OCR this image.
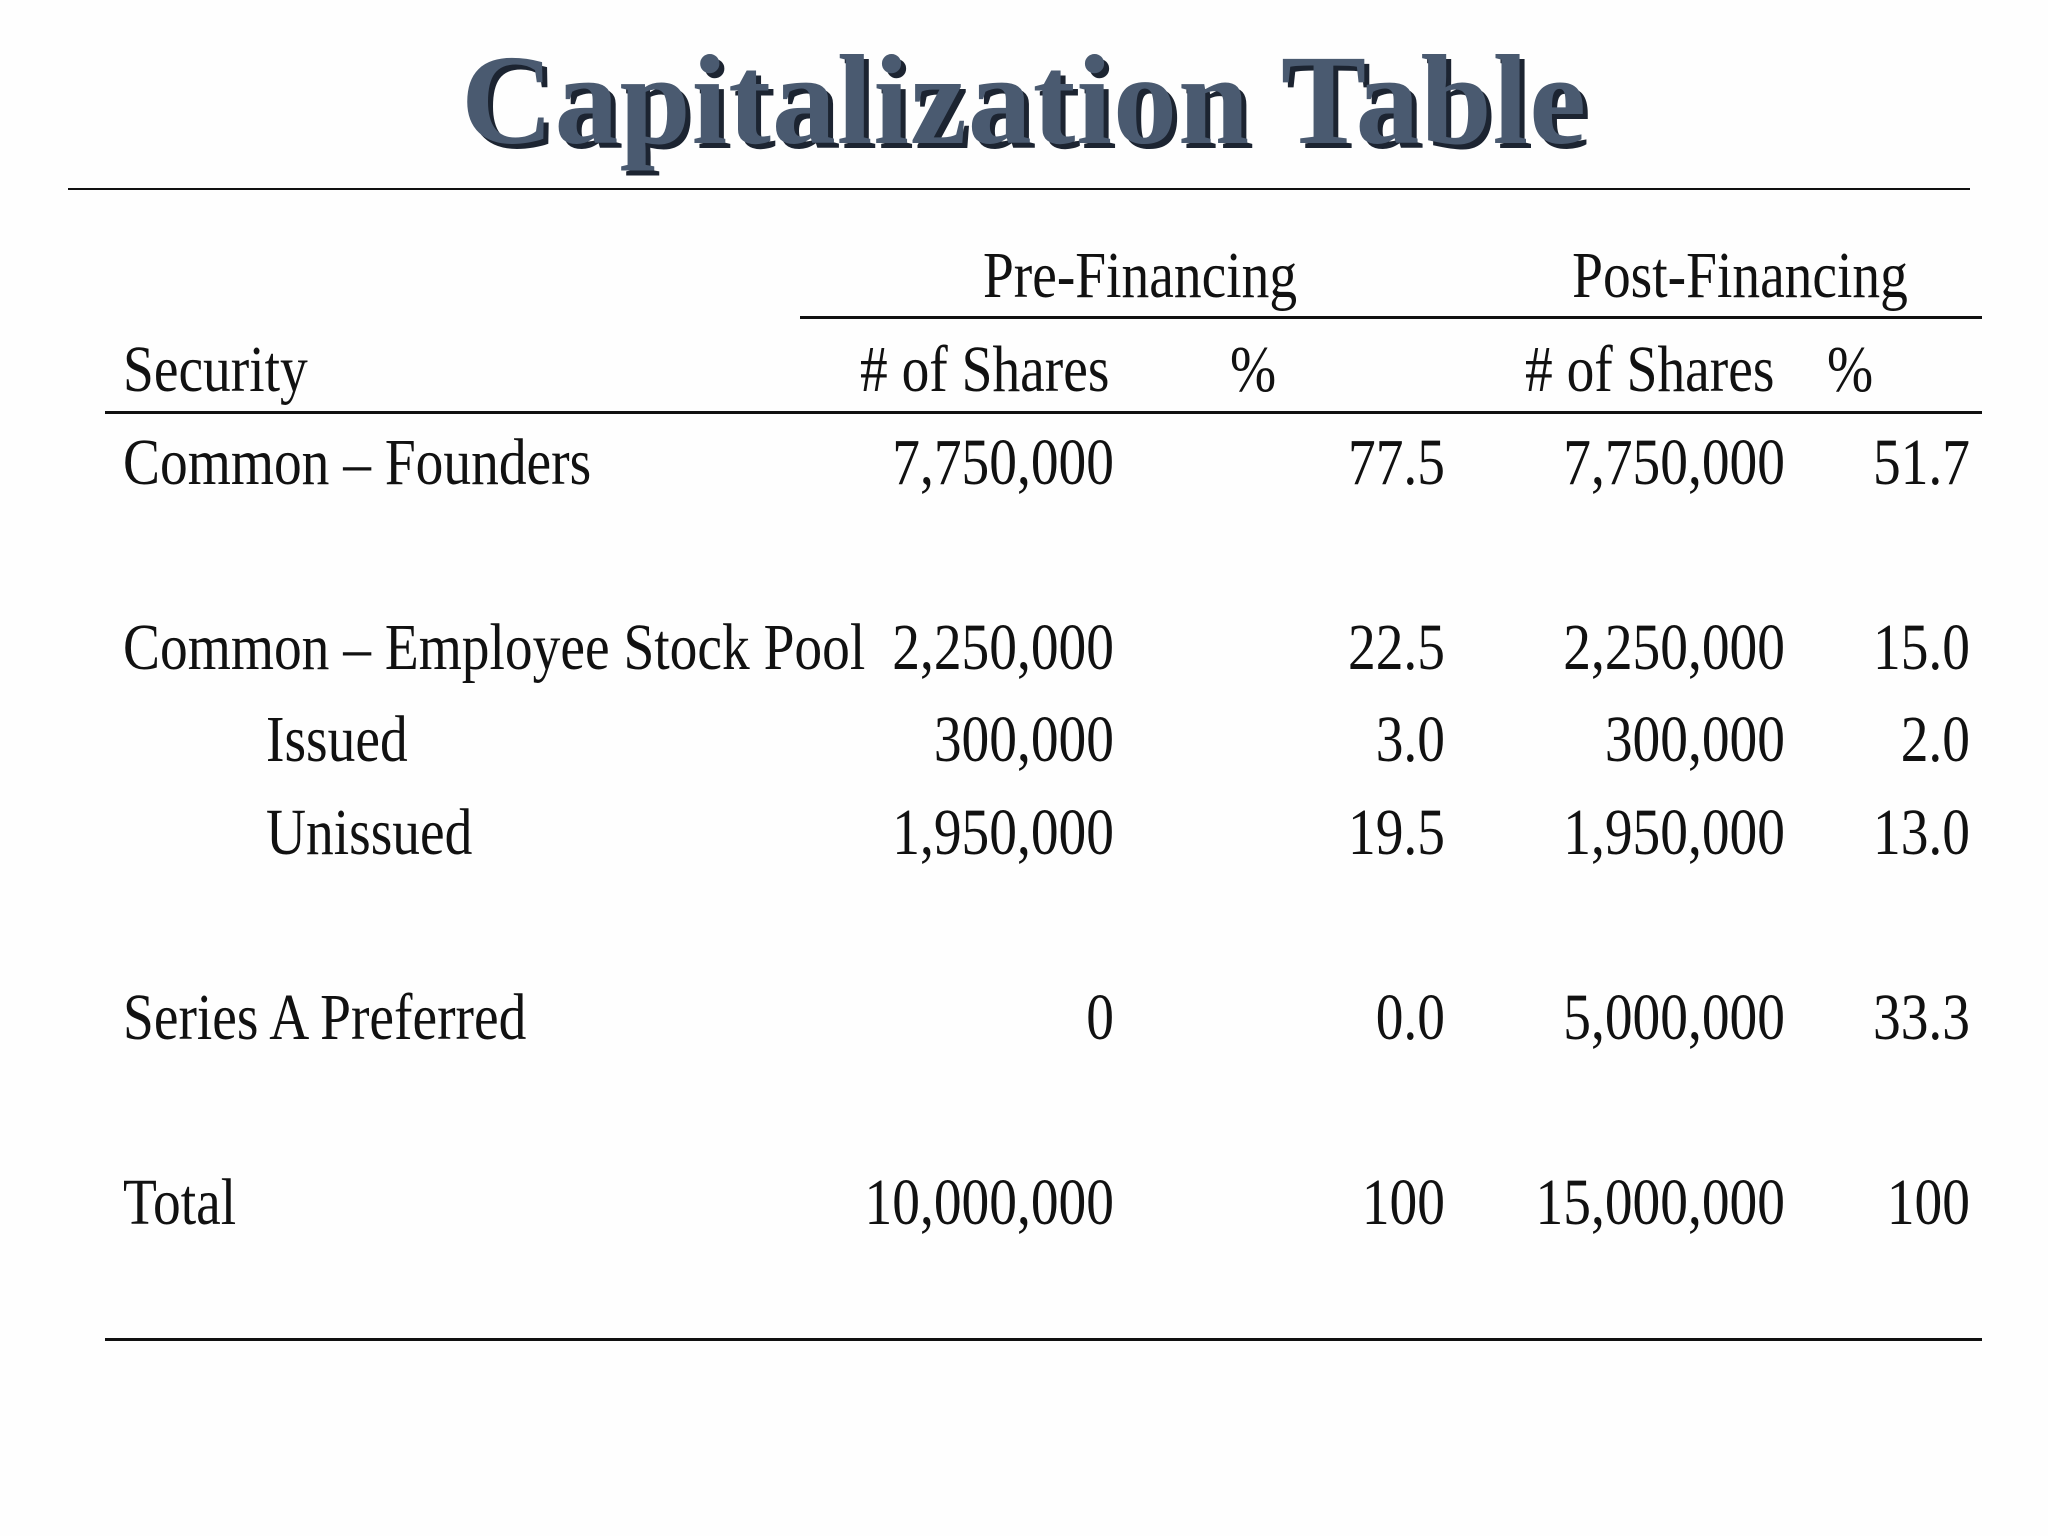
Capitalization Table
Pre-Financing	Post-Financing
Security	# of Shares %	# of Shares %
Common – Founders	7,750,000	77.5	7,750,000	51.7
Common – Employee Stock Pool 2,250,000	22.5	2,250,000	15.0
Issued	300,000	3.0	300,000	2.0
Unissued	1,950,000	19.5	1,950,000	13.0
Series A Preferred	0	0.0	5,000,000	33.3
Total	10,000,000	100	15,000,000	100
